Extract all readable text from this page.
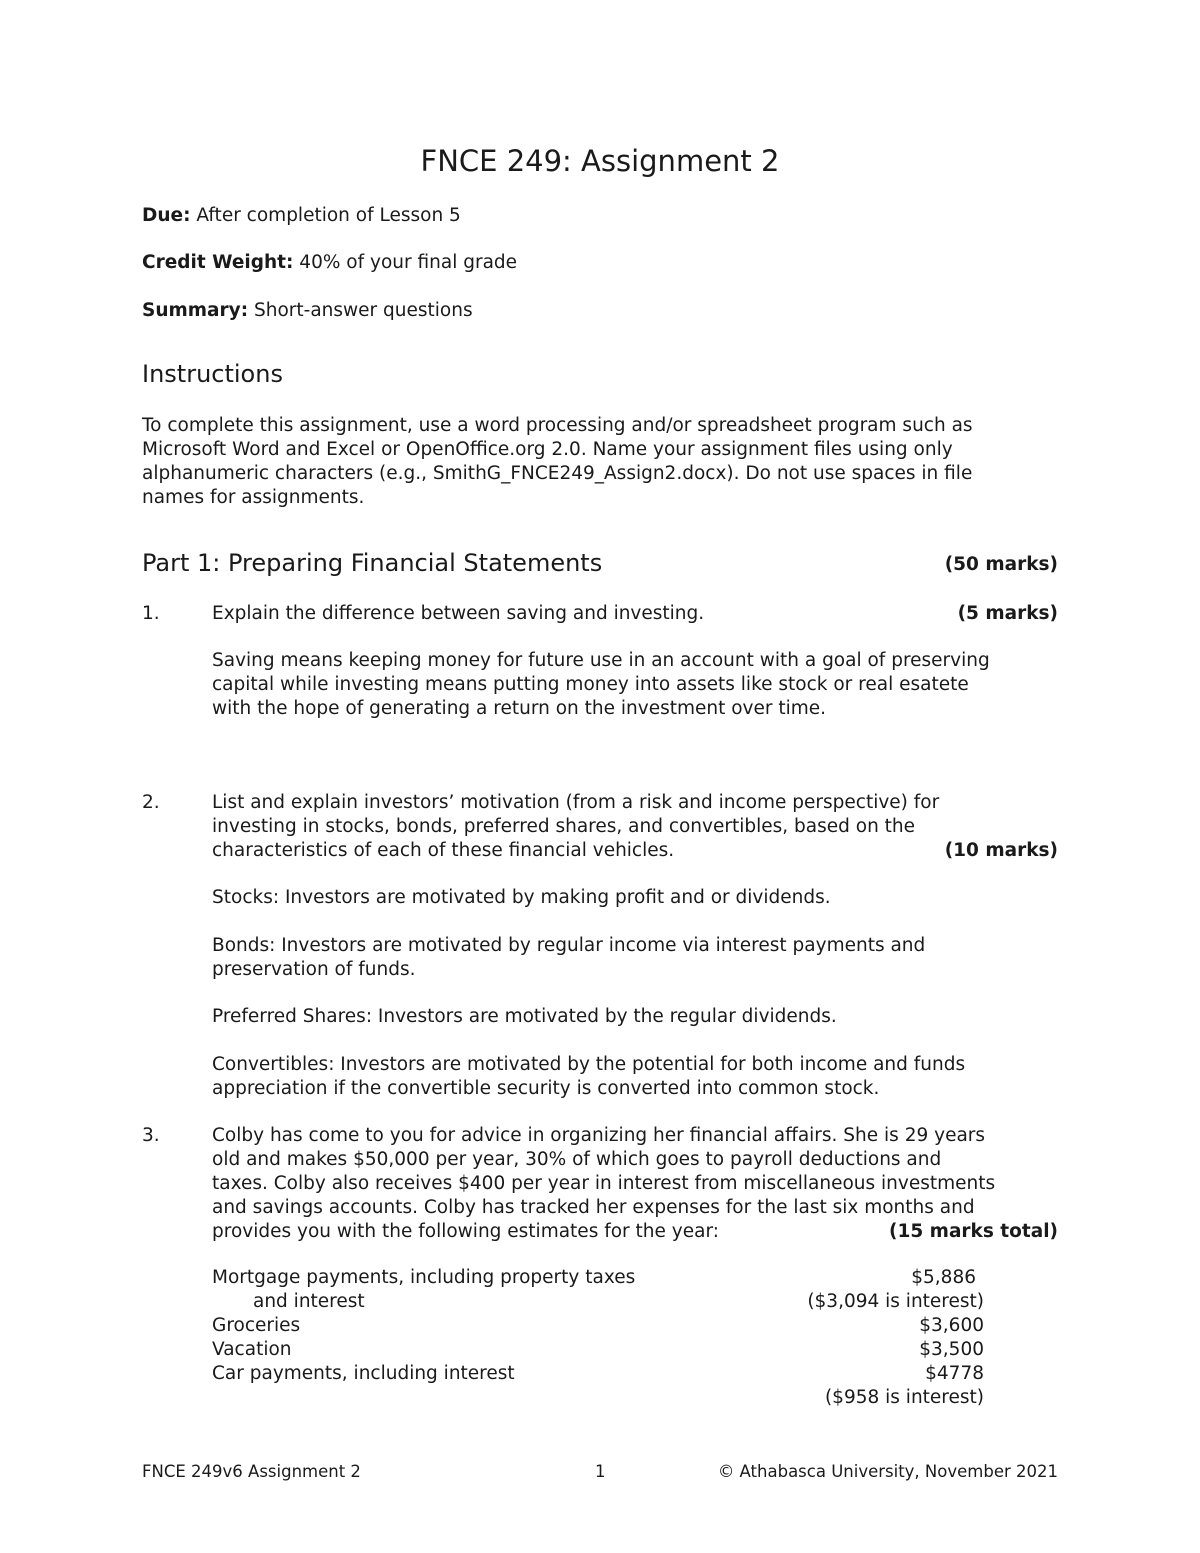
FNCE 249: Assignment 2

Due: After completion of Lesson 5

Credit Weight: 40% of your final grade

Summary: Short-answer questions

Instructions

To complete this assignment, use a word processing and/or spreadsheet program such as
Microsoft Word and Excel or OpenOffice.org 2.0. Name your assignment files using only
alphanumeric characters (e.g., SmithG_FNCE249_Assign2.docx). Do not use spaces in file
names for assignments.

Part 1: Preparing Financial Statements	(50 marks)
1.	Explain the difference between saving and investing.	(5 marks)

Saving means keeping money for future use in an account with a goal of preserving
capital while investing means putting money into assets like stock or real esatete
with the hope of generating a return on the investment over time.

2.	List and explain investors’ motivation (from a risk and income perspective) for
investing in stocks, bonds, preferred shares, and convertibles, based on the
characteristics of each of these financial vehicles.	(10 marks)

Stocks: Investors are motivated by making profit and or dividends.

Bonds: Investors are motivated by regular income via interest payments and
preservation of funds.

Preferred Shares: Investors are motivated by the regular dividends.

Convertibles: Investors are motivated by the potential for both income and funds
appreciation if the convertible security is converted into common stock.

3.	Colby has come to you for advice in organizing her financial affairs. She is 29 years
old and makes $50,000 per year, 30% of which goes to payroll deductions and
taxes. Colby also receives $400 per year in interest from miscellaneous investments
and savings accounts. Colby has tracked her expenses for the last six months and
provides you with the following estimates for the year:	(15 marks total)
Mortgage payments, including property taxes	$5,886
and interest	($3,094 is interest)
Groceries	$3,600
Vacation	$3,500
Car payments, including interest	$4778
($958 is interest)
FNCE 249v6 Assignment 2	1	© Athabasca University, November 2021
